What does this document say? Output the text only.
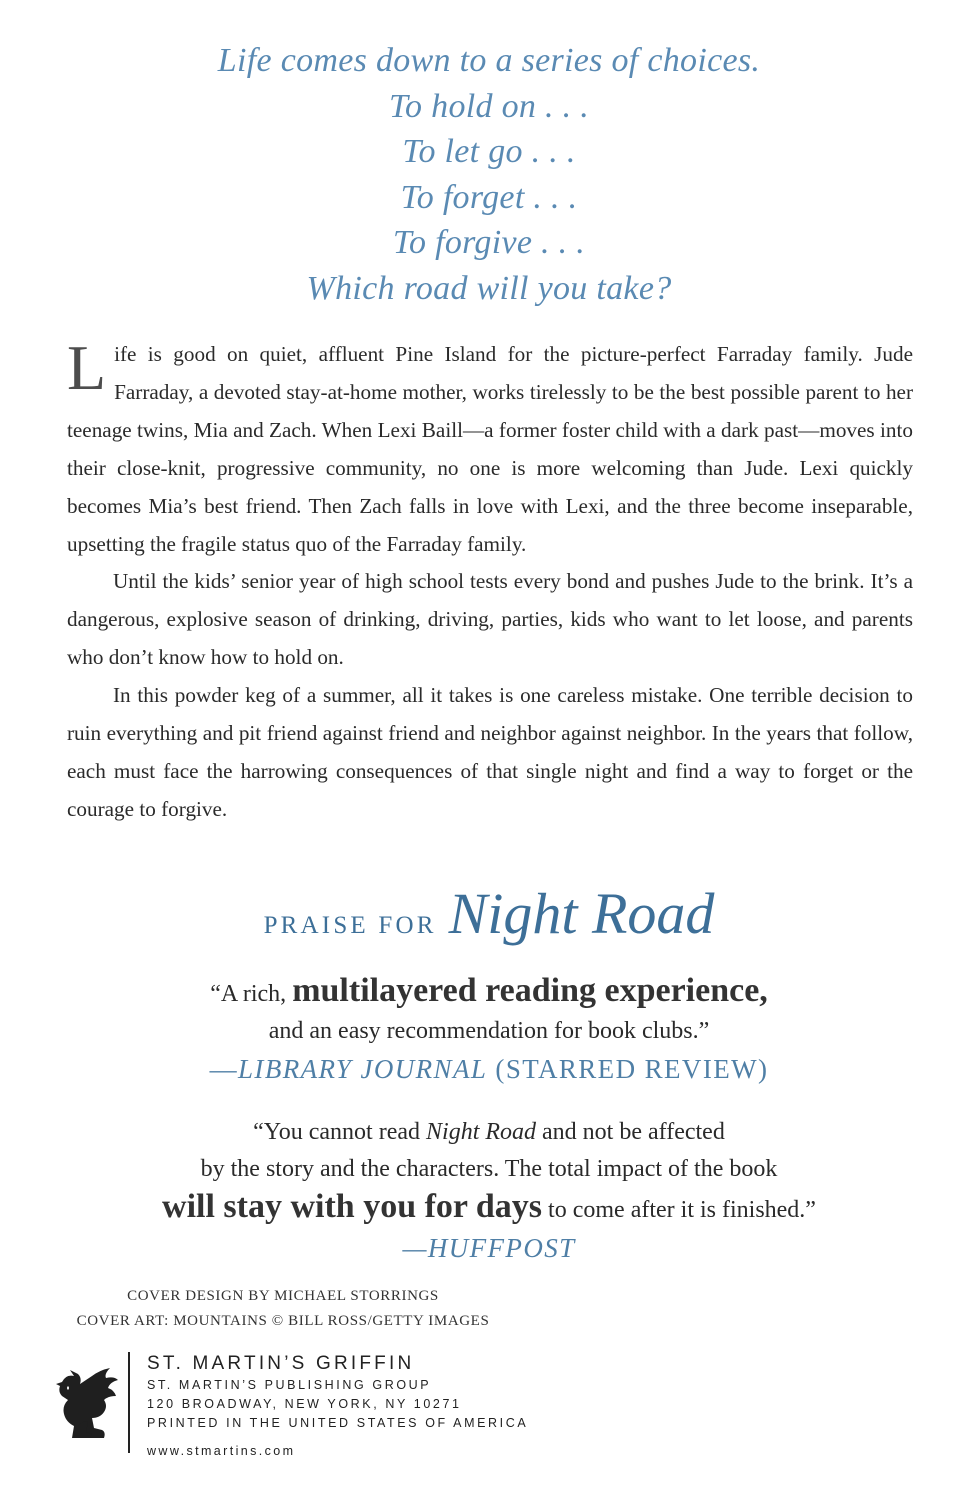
Life comes down to a series of choices.
To hold on . . .
To let go . . .
To forget . . .
To forgive . . .
Which road will you take?

Life is good on quiet, affluent Pine Island for the picture-perfect Farraday family. Jude Farraday, a devoted stay-at-home mother, works tirelessly to be the best possible parent to her teenage twins, Mia and Zach. When Lexi Baill—a former foster child with a dark past—moves into their close-knit, progressive community, no one is more welcoming than Jude. Lexi quickly becomes Mia’s best friend. Then Zach falls in love with Lexi, and the three become inseparable, upsetting the fragile status quo of the Farraday family.

Until the kids’ senior year of high school tests every bond and pushes Jude to the brink. It’s a dangerous, explosive season of drinking, driving, parties, kids who want to let loose, and parents who don’t know how to hold on.

In this powder keg of a summer, all it takes is one careless mistake. One terrible decision to ruin everything and pit friend against friend and neighbor against neighbor. In the years that follow, each must face the harrowing consequences of that single night and find a way to forget or the courage to forgive.

PRAISE FOR Night Road
“A rich, multilayered reading experience,
and an easy recommendation for book clubs.”
—LIBRARY JOURNAL (STARRED REVIEW)
“You cannot read Night Road and not be affected
by the story and the characters. The total impact of the book
will stay with you for days to come after it is finished.”
—HUFFPOST
COVER DESIGN BY MICHAEL STORRINGS
COVER ART: MOUNTAINS © BILL ROSS/GETTY IMAGES
ST. MARTIN’S GRIFFIN
ST. MARTIN’S PUBLISHING GROUP
120 BROADWAY, NEW YORK, NY 10271
PRINTED IN THE UNITED STATES OF AMERICA
www.stmartins.com
